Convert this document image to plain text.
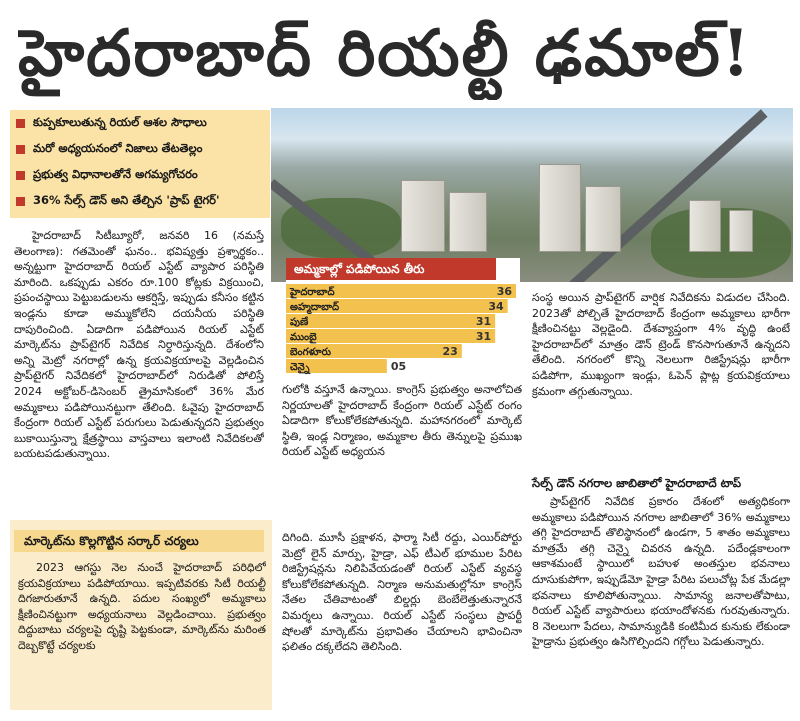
హైదరాబాద్ రియల్టీ ఢమాల్!
కుప్పకూలుతున్న రియల్ ఆశల సౌధాలు
మరో అధ్యయనంలో నిజాలు తేటతెల్లం
ప్రభుత్వ విధానాలతోనే అగమ్యగోచరం
36% సేల్స్ డౌన్ అని తేల్చిన 'ప్రాప్ టైగర్'
అమ్మకాల్లో పడిపోయిన తీరు
హైదరాబాద్	36
అహ్మదాబాద్	34
పుణే	31
ముంబై	31
బెంగళూరు	23
చెన్నై	05

హైదరాబాద్ సిటీబ్యూరో, జనవరి 16 (నమస్తే తెలంగాణ): గతమెంతో ఘనం.. భవిష్యత్తు ప్రశ్నార్థకం.. అన్నట్టుగా హైదరాబాద్ రియల్ ఎస్టేట్ వ్యాపార పరిస్థితి మారింది. ఒకప్పుడు ఎకరం రూ.100 కోట్లకు విక్రయించి, ప్రపంచస్థాయి పెట్టుబడులను ఆకర్షిస్తే, ఇప్పుడు కనీసం కట్టిన ఇండ్లను కూడా అమ్ముకోలేని దయనీయ పరిస్థితి దాపురించింది. ఏడాదిగా పడిపోయిన రియల్ ఎస్టేట్ మార్కెట్‌ను ప్రాప్‌టైగర్ నివేదిక నిర్ధారిస్తున్నది. దేశంలోని అన్ని మెట్రో నగరాల్లో ఉన్న క్రయవిక్రయాలపై వెల్లడించిన ప్రాప్‌టైగర్ నివేదికలో హైదరాబాద్‌లో నిరుడితో పోలిస్తే 2024 అక్టోబర్-డిసెంబర్ త్రైమాసికంలో 36% మేర అమ్మకాలు పడిపోయినట్టుగా తేలింది. ఓవైపు హైదరాబాద్ కేంద్రంగా రియల్ ఎస్టేట్ పరుగులు పెడుతున్నదని ప్రభుత్వం బుకాయిస్తున్నా క్షేత్రస్థాయి వాస్తవాలు ఇలాంటి నివేదికలతో బయటపడుతున్నాయి.

గులోకి వస్తూనే ఉన్నాయి. కాంగ్రెస్ ప్రభుత్వం అనాలోచిత నిర్ణయాలతో హైదరాబాద్ కేంద్రంగా రియల్ ఎస్టేట్ రంగం ఏడాదిగా కోలుకోలేకపోతున్నది. మహానగరంలో మార్కెట్ స్థితి, ఇండ్ల నిర్మాణం, అమ్మకాల తీరు తెన్నులపై ప్రముఖ రియల్ ఎస్టేట్ అధ్యయన

సంస్థ అయిన ప్రాప్‌టైగర్ వార్షిక నివేదికను విడుదల చేసింది. 2023తో పోల్చితే హైదరాబాద్ కేంద్రంగా అమ్మకాలు భారీగా క్షీణించినట్టు వెల్లడైంది. దేశవ్యాప్తంగా 4% వృద్ధి ఉంటే హైదరాబాద్‌లో మాత్రం డౌన్ ట్రెండ్ కొనసాగుతూనే ఉన్నదని తేలింది. నగరంలో కొన్ని నెలలుగా రిజిస్ట్రేషన్లు భారీగా పడిపోగా, ముఖ్యంగా ఇండ్లు, ఓపెన్ ప్లాట్ల క్రయవిక్రయాలు క్రమంగా తగ్గుతున్నాయి.

సేల్స్ డౌన్ నగరాల జాబితాలో హైదరాబాదే టాప్

ప్రాప్‌టైగర్ నివేదిక ప్రకారం దేశంలో అత్యధికంగా అమ్మకాలు పడిపోయిన నగరాల జాబితాలో 36% అమ్మకాలు తగ్గి హైదరాబాద్ తొలిస్థానంలో ఉండగా, 5 శాతం అమ్మకాలు మాత్రమే తగ్గి చెన్నై చివరన ఉన్నది. పదేండ్లకాలంగా ఆకాశమంటే స్థాయిలో బహుళ అంతస్తుల భవనాలు దూసుకుపోగా, ఇప్పుడేమో హైడ్రా పేరిట పలుచోట్ల పేక మేడల్లా భవనాలు కూలిపోతున్నాయి. సామాన్య జనాలతోపాటు, రియల్ ఎస్టేట్ వ్యాపారులు భయాందోళనకు గురవుతున్నారు. 8 నెలలుగా పేదలు, సామాన్యుడికి కంటిమీద కునుకు లేకుండా హైడ్రాను ప్రభుత్వం ఉసిగొల్పిందని గగ్గోలు పెడుతున్నారు.

మార్కెట్‌ను కొల్లగొట్టిన సర్కార్ చర్యలు

2023 ఆగస్టు నెల నుంచే హైదరాబాద్ పరిధిలో క్రయవిక్రయాలు పడిపోయాయి. ఇప్పటివరకు సిటీ రియల్టీ దిగజారుతూనే ఉన్నది. పదుల సంఖ్యలో అమ్మకాలు క్షీణించినట్టుగా అధ్యయనాలు వెల్లడించాయి. ప్రభుత్వం దిద్దుబాటు చర్యలపై దృష్టి పెట్టకుండా, మార్కెట్‌ను మరింత దెబ్బకొట్టే చర్యలకు

దిగింది. మూసీ ప్రక్షాళన, ఫార్మా సిటీ రద్దు, ఎయిర్‌పోర్టు మెట్రో లైన్ మార్పు, హైడ్రా, ఎఫ్ టీఎల్ భూముల పేరిట రిజిస్ట్రేషన్లను నిలిపివేయడంతో రియల్ ఎస్టేట్ వ్యవస్థ కోలుకోలేకపోతున్నది. నిర్మాణ అనుమతుల్లోనూ కాంగ్రెస్ నేతల చేతివాటంతో బిల్డర్లు బెంబేలెత్తుతున్నారనే విమర్శలు ఉన్నాయి. రియల్ ఎస్టేట్ సంస్థలు ప్రాపర్టీ షోలతో మార్కెట్‌ను ప్రభావితం చేయాలని భావించినా ఫలితం దక్కలేదని తెలిసింది.
